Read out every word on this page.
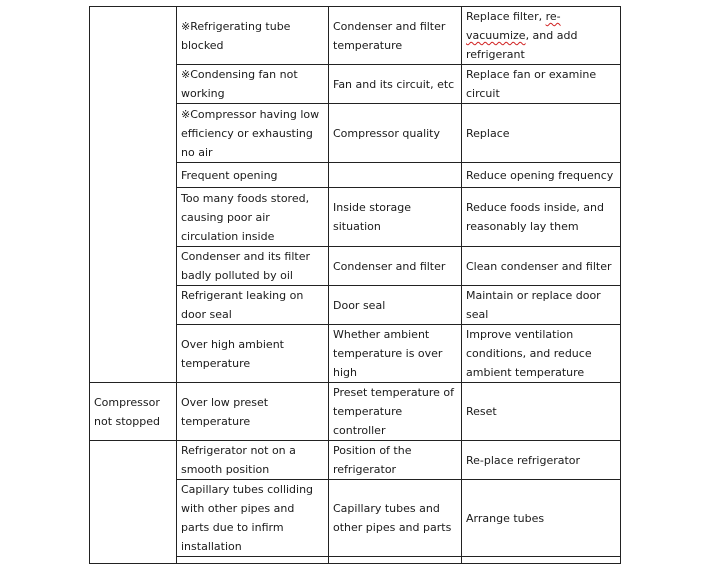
	※Refrigerating tube blocked	Condenser and filter temperature	Replace filter, re-vacuumize, and add refrigerant
	※Condensing fan not working	Fan and its circuit, etc	Replace fan or examine circuit
	※Compressor having low efficiency or exhausting no air	Compressor quality	Replace
	Frequent opening		Reduce opening frequency
	Too many foods stored, causing poor air circulation inside	Inside storage situation	Reduce foods inside, and reasonably lay them
	Condenser and its filter badly polluted by oil	Condenser and filter	Clean condenser and filter
	Refrigerant leaking on door seal	Door seal	Maintain or replace door seal
	Over high ambient temperature	Whether ambient temperature is over high	Improve ventilation conditions, and reduce ambient temperature
Compressor not stopped	Over low preset temperature	Preset temperature of temperature controller	Reset
	Refrigerator not on a smooth position	Position of the refrigerator	Re-place refrigerator
	Capillary tubes colliding with other pipes and parts due to infirm installation	Capillary tubes and other pipes and parts	Arrange tubes
